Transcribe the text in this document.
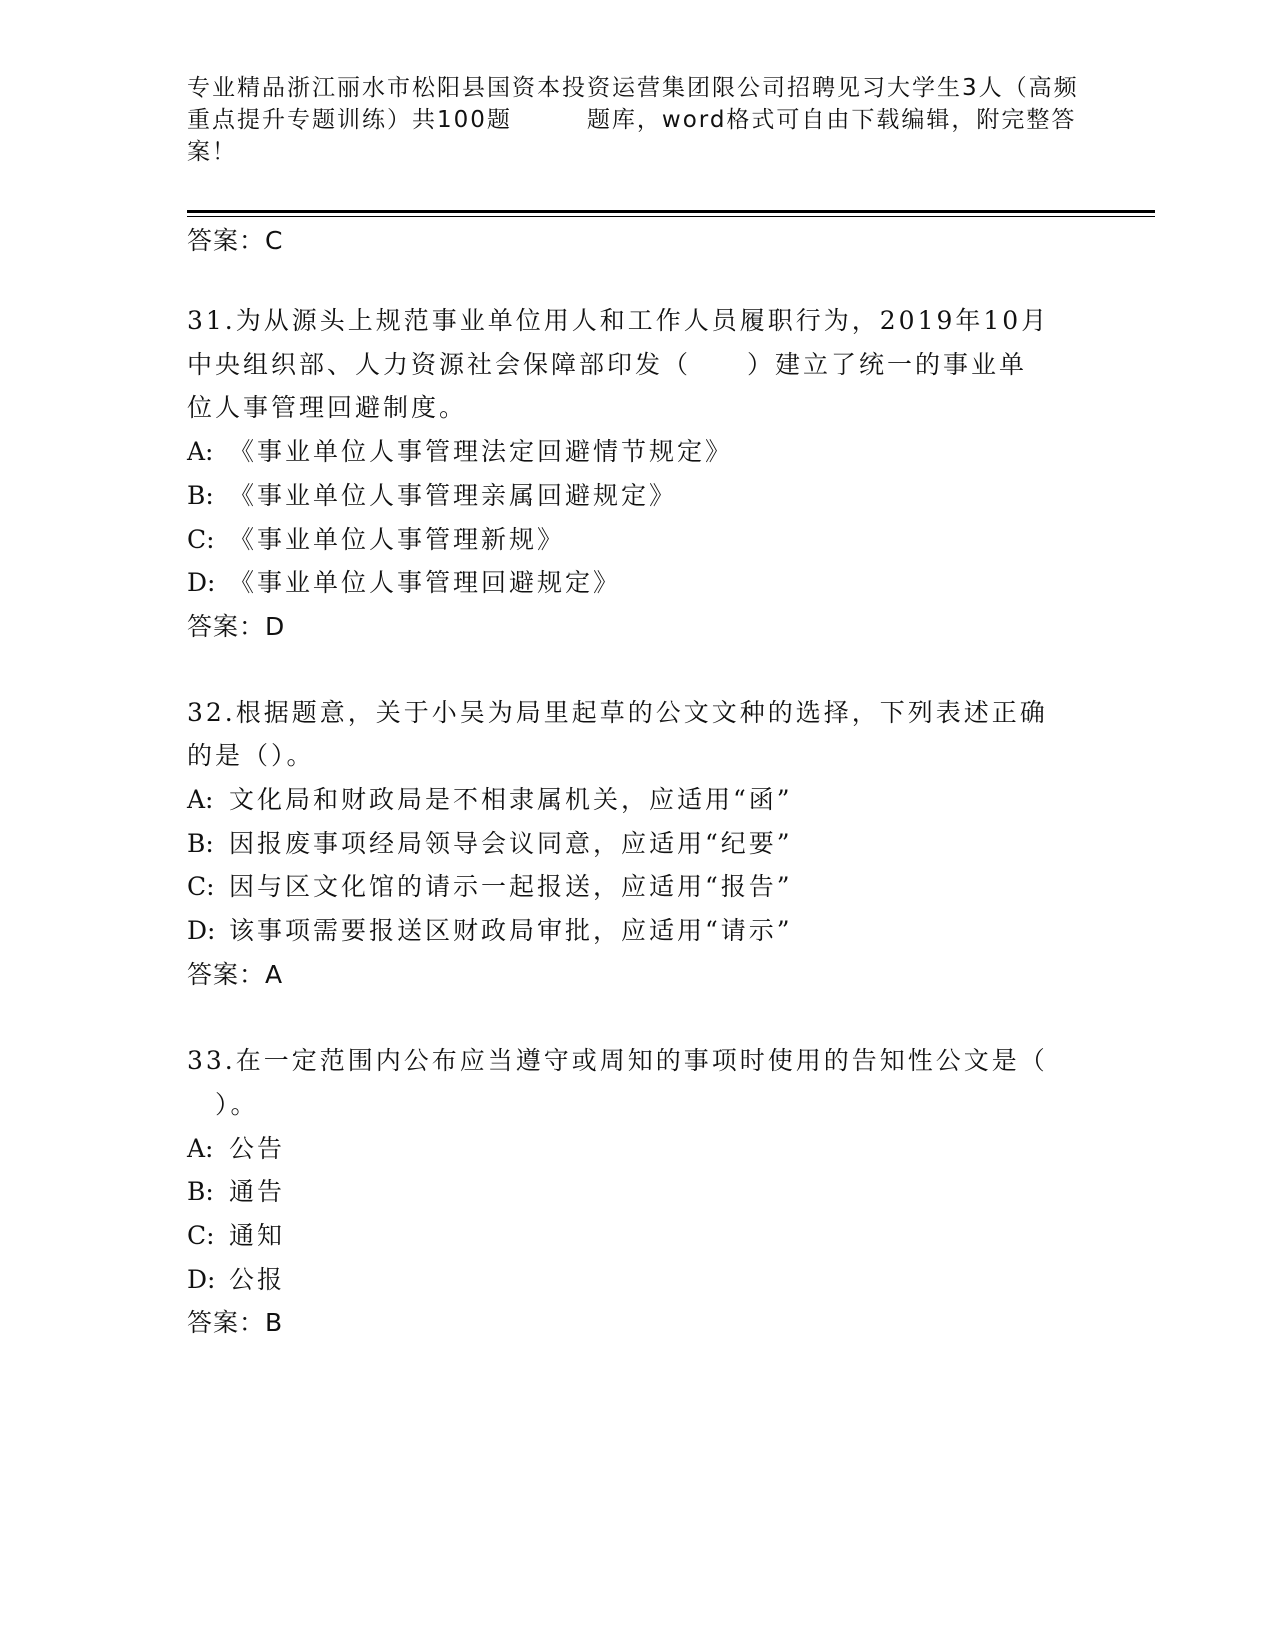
专业精品浙江丽水市松阳县国资本投资运营集团限公司招聘见习大学生3人（高频
重点提升专题训练）共100题　　　题库，word格式可自由下载编辑，附完整答
案！
答案：C
31.为从源头上规范事业单位用人和工作人员履职行为，2019年10月
中央组织部、人力资源社会保障部印发（　　）建立了统一的事业单
位人事管理回避制度。
A: 《事业单位人事管理法定回避情节规定》
B: 《事业单位人事管理亲属回避规定》
C: 《事业单位人事管理新规》
D: 《事业单位人事管理回避规定》
答案：D
32.根据题意，关于小吴为局里起草的公文文种的选择，下列表述正确
的是（）。
A: 文化局和财政局是不相隶属机关，应适用“函”
B: 因报废事项经局领导会议同意，应适用“纪要”
C: 因与区文化馆的请示一起报送，应适用“报告”
D: 该事项需要报送区财政局审批，应适用“请示”
答案：A
33.在一定范围内公布应当遵守或周知的事项时使用的告知性公文是（
　）。
A: 公告
B: 通告
C: 通知
D: 公报
答案：B
